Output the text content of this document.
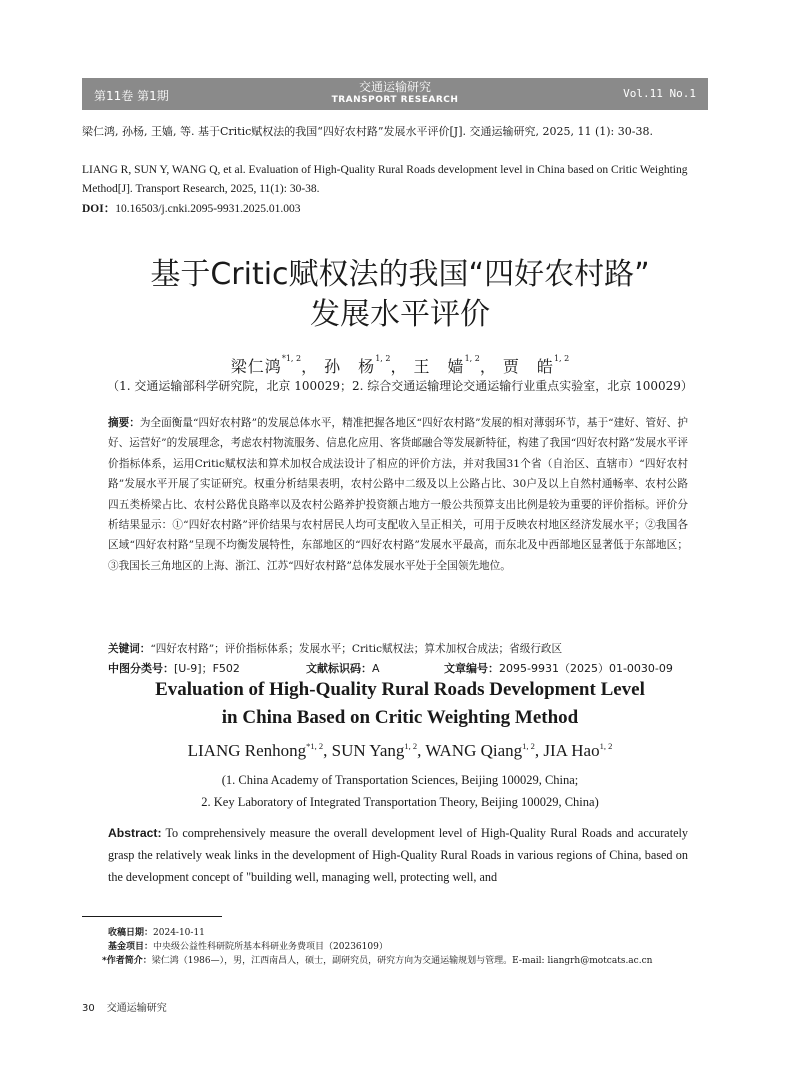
第11卷 第1期
交通运输研究
TRANSPORT RESEARCH	Vol.11 No.1
梁仁鸿, 孙杨, 王嫱, 等. 基于Critic赋权法的我国“四好农村路”发展水平评价[J]. 交通运输研究, 2025, 11 (1): 30-38.
LIANG R, SUN Y, WANG Q, et al. Evaluation of High-Quality Rural Roads development level in China based on Critic Weighting Method[J]. Transport Research, 2025, 11(1): 30-38.
DOI：10.16503/j.cnki.2095-9931.2025.01.003
基于Critic赋权法的我国“四好农村路”
发展水平评价
梁仁鸿$^{*1, 2}$， 孙　杨$^{1, 2}$， 王　嫱$^{1, 2}$， 贾　皓$^{1, 2}$
（1. 交通运输部科学研究院，北京 100029；2. 综合交通运输理论交通运输行业重点实验室，北京 100029）
摘要：为全面衡量“四好农村路”的发展总体水平，精准把握各地区“四好农村路”发展的相对薄弱环节，基于“建好、管好、护好、运营好”的发展理念，考虑农村物流服务、信息化应用、客货邮融合等发展新特征，构建了我国“四好农村路”发展水平评价指标体系，运用Critic赋权法和算术加权合成法设计了相应的评价方法，并对我国31个省（自治区、直辖市）“四好农村路”发展水平开展了实证研究。权重分析结果表明，农村公路中二级及以上公路占比、30户及以上自然村通畅率、农村公路四五类桥梁占比、农村公路优良路率以及农村公路养护投资额占地方一般公共预算支出比例是较为重要的评价指标。评价分析结果显示：①“四好农村路”评价结果与农村居民人均可支配收入呈正相关，可用于反映农村地区经济发展水平；②我国各区域“四好农村路”呈现不均衡发展特性，东部地区的“四好农村路”发展水平最高，而东北及中西部地区显著低于东部地区；③我国长三角地区的上海、浙江、江苏“四好农村路”总体发展水平处于全国领先地位。
关键词：“四好农村路”；评价指标体系；发展水平；Critic赋权法；算术加权合成法；省级行政区
中图分类号：[U-9]；F502	文献标识码：A	文章编号：2095-9931（2025）01-0030-09
Evaluation of High-Quality Rural Roads Development Level
in China Based on Critic Weighting Method
LIANG Renhong$^{*1, 2}$, SUN Yang$^{1, 2}$, WANG Qiang$^{1, 2}$, JIA Hao$^{1, 2}$
(1. China Academy of Transportation Sciences, Beijing 100029, China;
2. Key Laboratory of Integrated Transportation Theory, Beijing 100029, China)
Abstract: To comprehensively measure the overall development level of High-Quality Rural Roads and accurately grasp the relatively weak links in the development of High-Quality Rural Roads in various regions of China, based on the development concept of "building well, managing well, protecting well, and
收稿日期：2024-10-11
基金项目：中央级公益性科研院所基本科研业务费项目（20236109）
*作者简介：梁仁鸿（1986—），男，江西南昌人，硕士，副研究员，研究方向为交通运输规划与管理。E-mail: liangrh@motcats.ac.cn
30 交通运输研究
